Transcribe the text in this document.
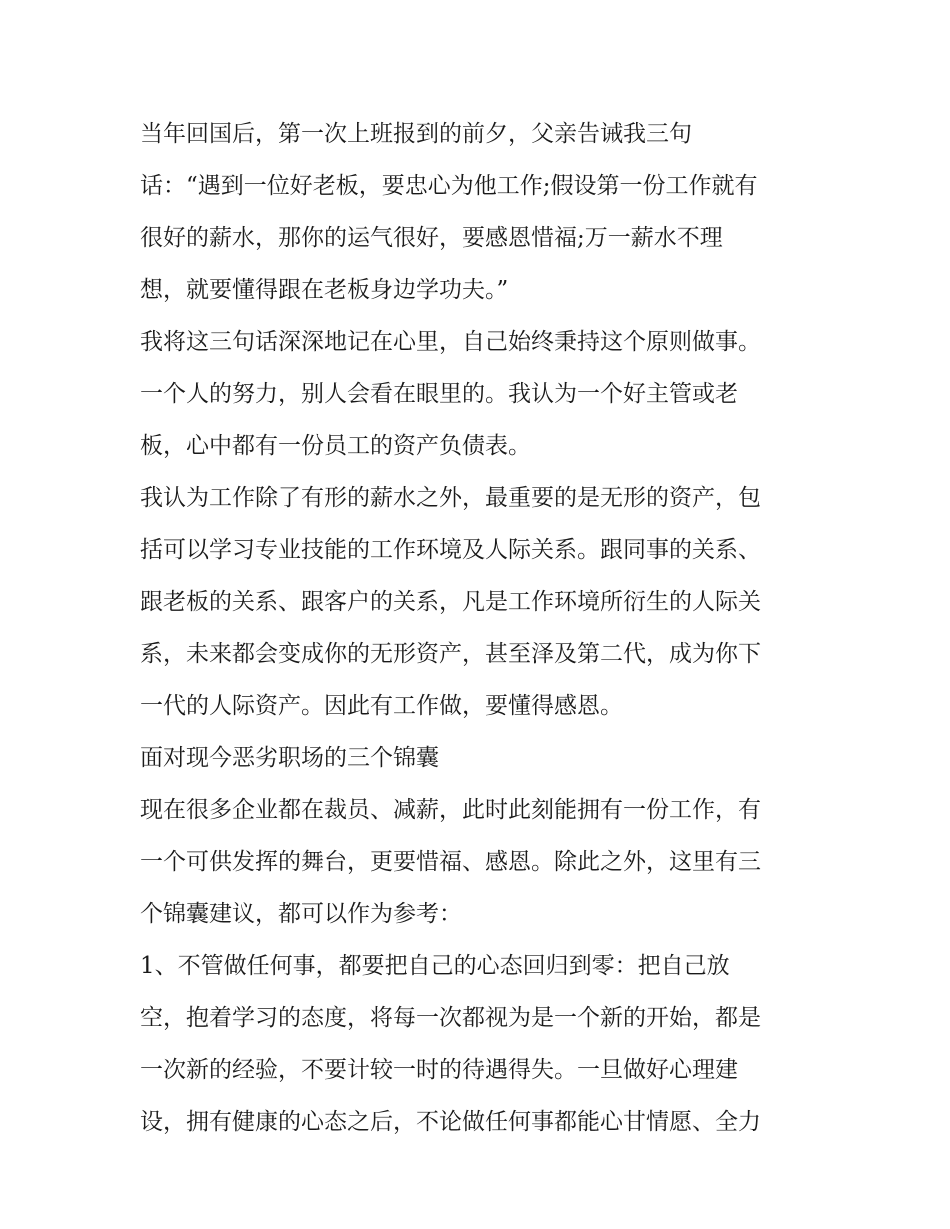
当年回国后，第一次上班报到的前夕，父亲告诫我三句
话：“遇到一位好老板，要忠心为他工作;假设第一份工作就有
很好的薪水，那你的运气很好，要感恩惜福;万一薪水不理
想，就要懂得跟在老板身边学功夫。”
我将这三句话深深地记在心里，自己始终秉持这个原则做事。
一个人的努力，别人会看在眼里的。我认为一个好主管或老
板，心中都有一份员工的资产负债表。
我认为工作除了有形的薪水之外，最重要的是无形的资产，包
括可以学习专业技能的工作环境及人际关系。跟同事的关系、
跟老板的关系、跟客户的关系，凡是工作环境所衍生的人际关
系，未来都会变成你的无形资产，甚至泽及第二代，成为你下
一代的人际资产。因此有工作做，要懂得感恩。
面对现今恶劣职场的三个锦囊
现在很多企业都在裁员、减薪，此时此刻能拥有一份工作，有
一个可供发挥的舞台，更要惜福、感恩。除此之外，这里有三
个锦囊建议，都可以作为参考：
1、不管做任何事，都要把自己的心态回归到零：把自己放
空，抱着学习的态度，将每一次都视为是一个新的开始，都是
一次新的经验，不要计较一时的待遇得失。一旦做好心理建
设，拥有健康的心态之后，不论做任何事都能心甘情愿、全力
